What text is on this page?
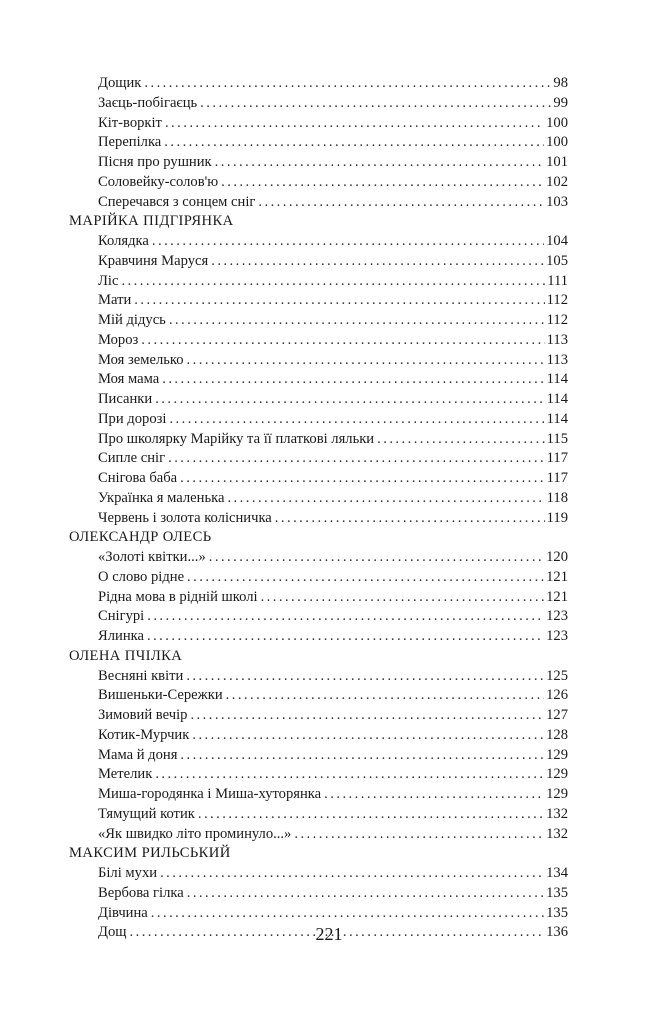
Дощик . . .	98
Заєць-побігаєць . . .	99
Кіт-воркіт . . .	100
Перепілка . . .	100
Пісня про рушник . . .	101
Соловейку-солов'ю . . .	102
Сперечався з сонцем сніг . . .	103
МАРІЙКА ПІДГІРЯНКА
Колядка . . .	104
Кравчиня Маруся . . .	105
Ліс . . .	111
Мати . . .	112
Мій дідусь . . .	112
Мороз . . .	113
Моя земелько . . .	113
Моя мама . . .	114
Писанки . . .	114
При дорозі . . .	114
Про школярку Марійку та її платкові ляльки . . .	115
Сипле сніг . . .	117
Снігова баба . . .	117
Українка я маленька . . .	118
Червень і золота колісничка . . .	119
ОЛЕКСАНДР ОЛЕСЬ
«Золоті квітки...» . . .	120
О слово рідне . . .	121
Рідна мова в рідній школі . . .	121
Снігурі . . .	123
Ялинка . . .	123
ОЛЕНА ПЧІЛКА
Весняні квіти . . .	125
Вишеньки-Сережки . . .	126
Зимовий вечір . . .	127
Котик-Мурчик . . .	128
Мама й доня . . .	129
Метелик . . .	129
Миша-городянка і Миша-хуторянка . . .	129
Тямущий котик . . .	132
«Як швидко літо проминуло...» . . .	132
МАКСИМ РИЛЬСЬКИЙ
Білі мухи . . .	134
Вербова гілка . . .	135
Дівчина . . .	135
Дощ . . .	136
221
